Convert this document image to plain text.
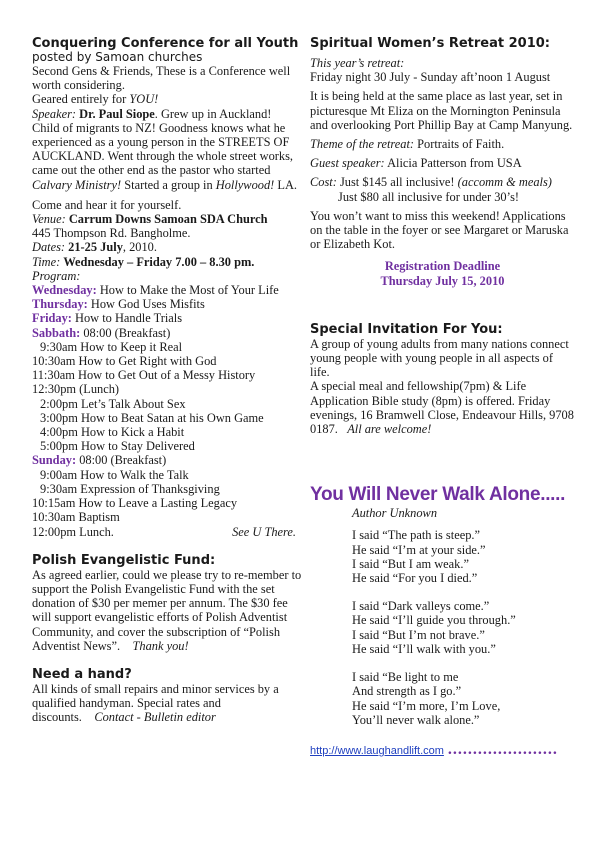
Conquering Conference for all Youth
posted by Samoan churches

Second Gens & Friends, These is a Conference well worth considering.

Geared entirely for YOU!

Speaker: Dr. Paul Siope. Grew up in Auckland! Child of migrants to NZ! Goodness knows what he experienced as a young person in the STREETS OF AUCKLAND. Went through the whole street works, came out the other end as the pastor who started Calvary Ministry! Started a group in Hollywood! LA.

Come and hear it for yourself.

Venue: Carrum Downs Samoan SDA Church

445 Thompson Rd. Bangholme.

Dates: 21-25 July, 2010.

Time: Wednesday – Friday 7.00 – 8.30 pm.

Program:

Wednesday: How to Make the Most of Your Life

Thursday: How God Uses Misfits

Friday: How to Handle Trials

Sabbath: 08:00 (Breakfast)

9:30am How to Keep it Real

10:30am How to Get Right with God

11:30am How to Get Out of a Messy History

12:30pm (Lunch)

2:00pm Let’s Talk About Sex

3:00pm How to Beat Satan at his Own Game

4:00pm How to Kick a Habit

5:00pm How to Stay Delivered

Sunday: 08:00 (Breakfast)

9:00am How to Walk the Talk

9:30am Expression of Thanksgiving

10:15am How to Leave a Lasting Legacy

10:30am Baptism

12:00pm Lunch.	See U There.

Polish Evangelistic Fund:

As agreed earlier, could we please try to re-member to support the Polish Evangelistic Fund with the set donation of $30 per memer per annum. The $30 fee will support evangelistic efforts of Polish Adventist Community, and cover the subscription of “Polish Adventist News”. Thank you!

Need a hand?

All kinds of small repairs and minor services by a qualified handyman. Special rates and discounts. Contact - Bulletin editor

Spiritual Women’s Retreat 2010:

This year’s retreat:

Friday night 30 July - Sunday aft’noon 1 August

It is being held at the same place as last year, set in picturesque Mt Eliza on the Mornington Peninsula and overlooking Port Phillip Bay at Camp Manyung.

Theme of the retreat: Portraits of Faith.

Guest speaker: Alicia Patterson from USA

Cost: Just $145 all inclusive! (accomm & meals)

Just $80 all inclusive for under 30’s!

You won’t want to miss this weekend! Applications on the table in the foyer or see Margaret or Maruska or Elizabeth Kot.

Registration Deadline

Thursday July 15, 2010

Special Invitation For You:

A group of young adults from many nations connect young people with young people in all aspects of life.

A special meal and fellowship(7pm) & Life Application Bible study (8pm) is offered. Friday evenings, 16 Bramwell Close, Endeavour Hills, 9708 0187. All are welcome!

You Will Never Walk Alone.....

Author Unknown

I said “The path is steep.”

He said “I’m at your side.”

I said “But I am weak.”

He said “For you I died.”

I said “Dark valleys come.”

He said “I’ll guide you through.”

I said “But I’m not brave.”

He said “I’ll walk with you.”

I said “Be light to me

And strength as I go.”

He said “I’m more, I’m Love,

You’ll never walk alone.”

http://www.laughandlift.com ......................
